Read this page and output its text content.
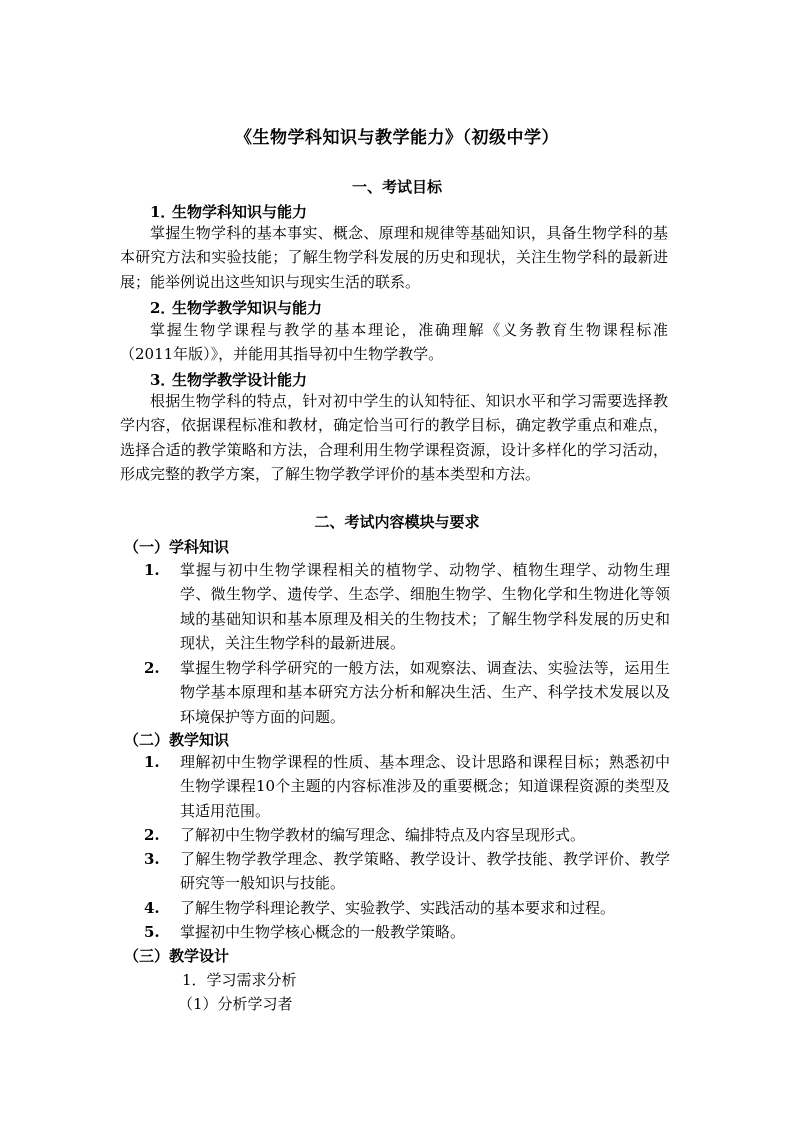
《生物学科知识与教学能力》（初级中学）
一、考试目标
1．生物学科知识与能力

掌握生物学科的基本事实、概念、原理和规律等基础知识，具备生物学科的基本研究方法和实验技能；了解生物学科发展的历史和现状，关注生物学科的最新进展；能举例说出这些知识与现实生活的联系。

2．生物学教学知识与能力

掌握生物学课程与教学的基本理论，准确理解《义务教育生物课程标准（2011年版）》，并能用其指导初中生物学教学。

3．生物学教学设计能力

根据生物学科的特点，针对初中学生的认知特征、知识水平和学习需要选择教学内容，依据课程标准和教材，确定恰当可行的教学目标，确定教学重点和难点，选择合适的教学策略和方法，合理利用生物学课程资源，设计多样化的学习活动，形成完整的教学方案，了解生物学教学评价的基本类型和方法。

二、考试内容模块与要求
（一）学科知识
1.	掌握与初中生物学课程相关的植物学、动物学、植物生理学、动物生理学、微生物学、遗传学、生态学、细胞生物学、生物化学和生物进化等领域的基础知识和基本原理及相关的生物技术；了解生物学科发展的历史和现状，关注生物学科的最新进展。
2.	掌握生物学科学研究的一般方法，如观察法、调查法、实验法等，运用生物学基本原理和基本研究方法分析和解决生活、生产、科学技术发展以及环境保护等方面的问题。
（二）教学知识
1.	理解初中生物学课程的性质、基本理念、设计思路和课程目标；熟悉初中生物学课程10个主题的内容标准涉及的重要概念；知道课程资源的类型及其适用范围。
2.	了解初中生物学教材的编写理念、编排特点及内容呈现形式。
3.	了解生物学教学理念、教学策略、教学设计、教学技能、教学评价、教学研究等一般知识与技能。
4.	了解生物学科理论教学、实验教学、实践活动的基本要求和过程。
5.	掌握初中生物学核心概念的一般教学策略。
（三）教学设计
1．学习需求分析
（1）分析学习者
